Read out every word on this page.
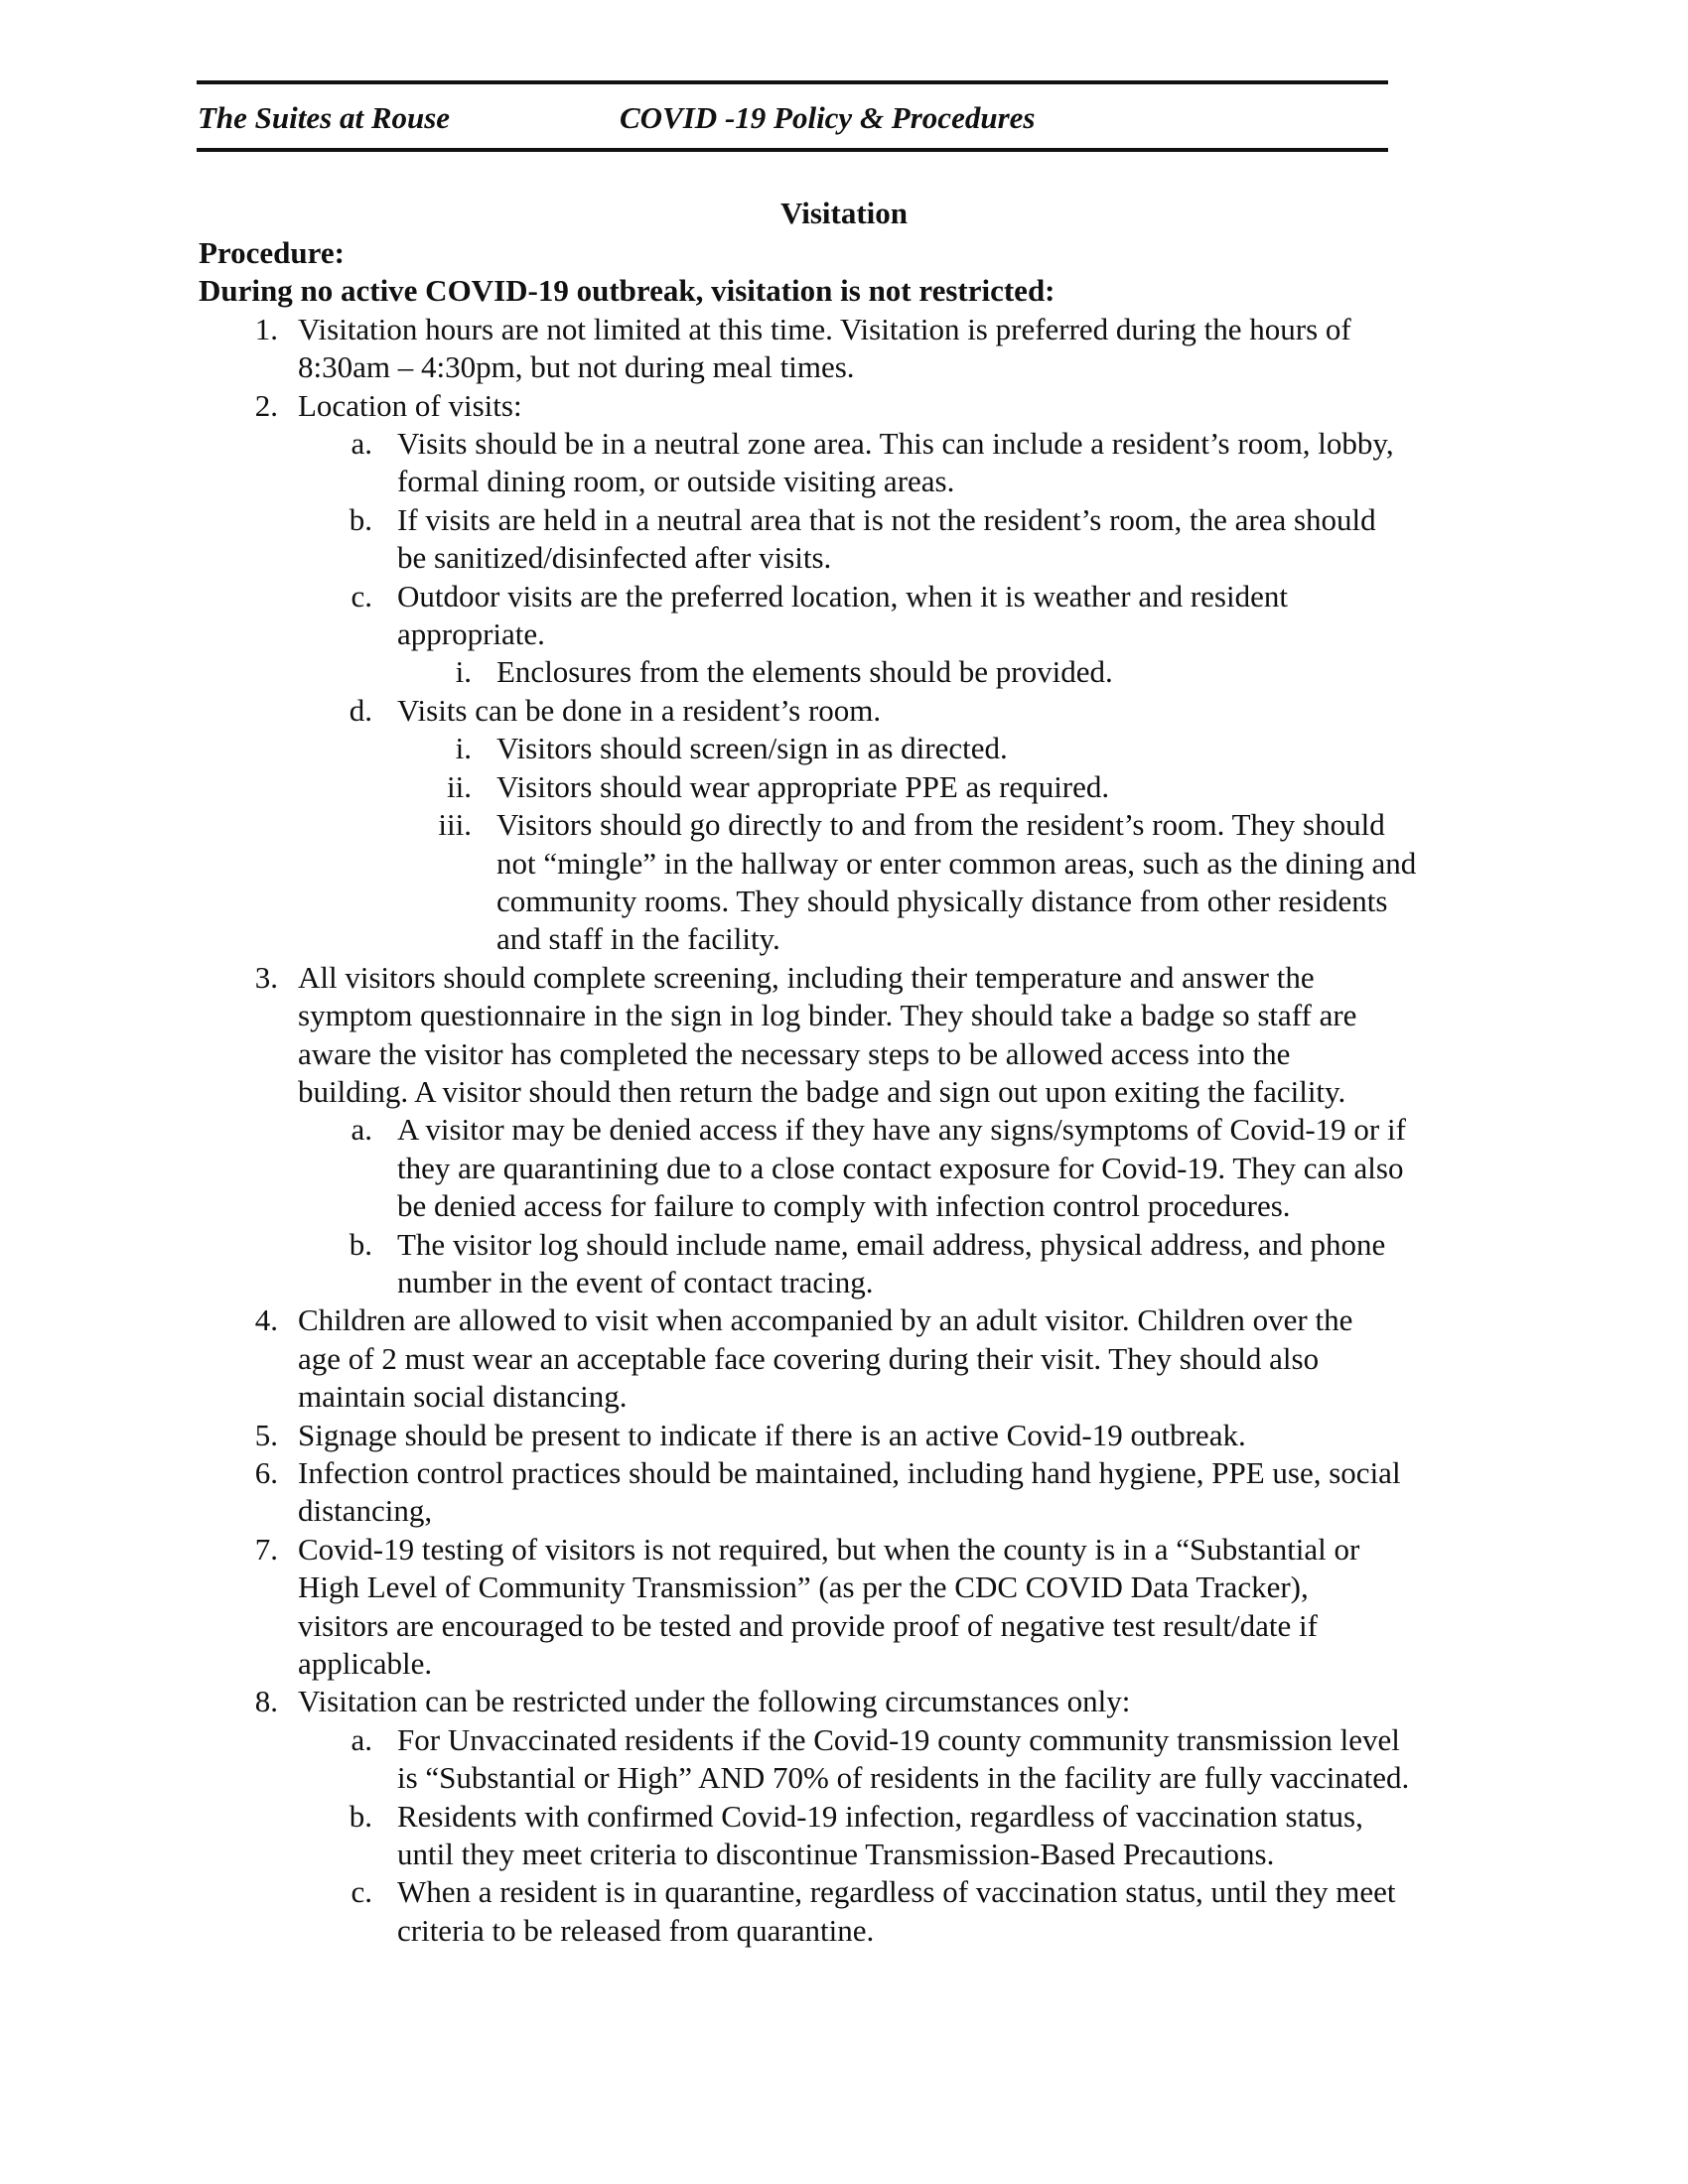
The Suites at Rouse	COVID -19 Policy & Procedures
Visitation
Procedure:
During no active COVID-19 outbreak, visitation is not restricted:
1. Visitation hours are not limited at this time. Visitation is preferred during the hours of
8:30am – 4:30pm, but not during meal times.
2. Location of visits:
a. Visits should be in a neutral zone area. This can include a resident’s room, lobby,
formal dining room, or outside visiting areas.
b. If visits are held in a neutral area that is not the resident’s room, the area should
be sanitized/disinfected after visits.
c. Outdoor visits are the preferred location, when it is weather and resident
appropriate.
i. Enclosures from the elements should be provided.
d. Visits can be done in a resident’s room.
i. Visitors should screen/sign in as directed.
ii. Visitors should wear appropriate PPE as required.
iii. Visitors should go directly to and from the resident’s room. They should
not “mingle” in the hallway or enter common areas, such as the dining and
community rooms. They should physically distance from other residents
and staff in the facility.
3. All visitors should complete screening, including their temperature and answer the
symptom questionnaire in the sign in log binder. They should take a badge so staff are
aware the visitor has completed the necessary steps to be allowed access into the
building. A visitor should then return the badge and sign out upon exiting the facility.
a. A visitor may be denied access if they have any signs/symptoms of Covid-19 or if
they are quarantining due to a close contact exposure for Covid-19. They can also
be denied access for failure to comply with infection control procedures.
b. The visitor log should include name, email address, physical address, and phone
number in the event of contact tracing.
4. Children are allowed to visit when accompanied by an adult visitor. Children over the
age of 2 must wear an acceptable face covering during their visit. They should also
maintain social distancing.
5. Signage should be present to indicate if there is an active Covid-19 outbreak.
6. Infection control practices should be maintained, including hand hygiene, PPE use, social
distancing,
7. Covid-19 testing of visitors is not required, but when the county is in a “Substantial or
High Level of Community Transmission” (as per the CDC COVID Data Tracker),
visitors are encouraged to be tested and provide proof of negative test result/date if
applicable.
8. Visitation can be restricted under the following circumstances only:
a. For Unvaccinated residents if the Covid-19 county community transmission level
is “Substantial or High” AND 70% of residents in the facility are fully vaccinated.
b. Residents with confirmed Covid-19 infection, regardless of vaccination status,
until they meet criteria to discontinue Transmission-Based Precautions.
c. When a resident is in quarantine, regardless of vaccination status, until they meet
criteria to be released from quarantine.
